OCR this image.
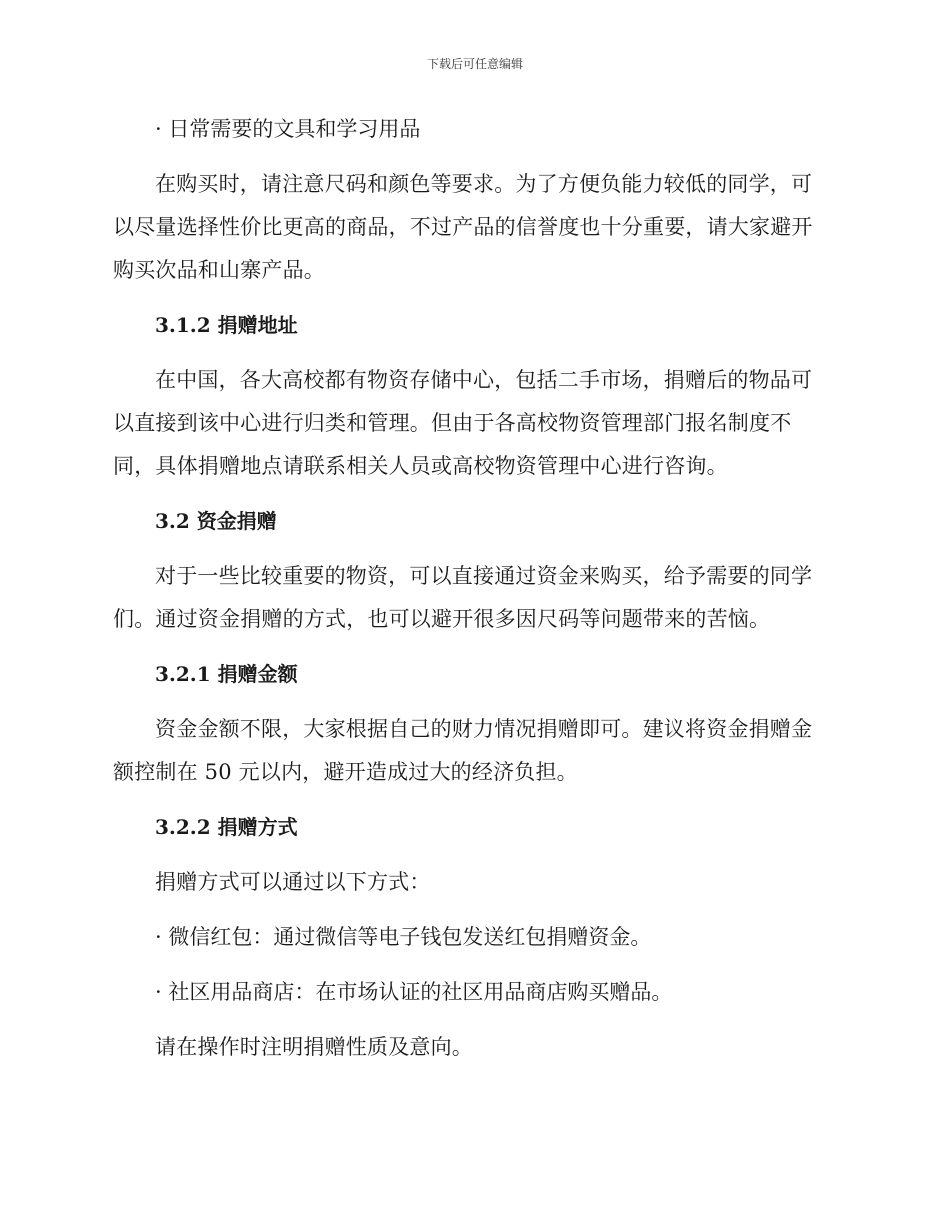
下载后可任意编辑

· 日常需要的文具和学习用品

在购买时，请注意尺码和颜色等要求。为了方便负能力较低的同学，可以尽量选择性价比更高的商品，不过产品的信誉度也十分重要，请大家避开购买次品和山寨产品。

3.1.2 捐赠地址

在中国，各大高校都有物资存储中心，包括二手市场，捐赠后的物品可以直接到该中心进行归类和管理。但由于各高校物资管理部门报名制度不同，具体捐赠地点请联系相关人员或高校物资管理中心进行咨询。

3.2 资金捐赠

对于一些比较重要的物资，可以直接通过资金来购买，给予需要的同学们。通过资金捐赠的方式，也可以避开很多因尺码等问题带来的苦恼。

3.2.1 捐赠金额

资金金额不限，大家根据自己的财力情况捐赠即可。建议将资金捐赠金额控制在 50 元以内，避开造成过大的经济负担。

3.2.2 捐赠方式

捐赠方式可以通过以下方式：

· 微信红包：通过微信等电子钱包发送红包捐赠资金。

· 社区用品商店：在市场认证的社区用品商店购买赠品。

请在操作时注明捐赠性质及意向。
